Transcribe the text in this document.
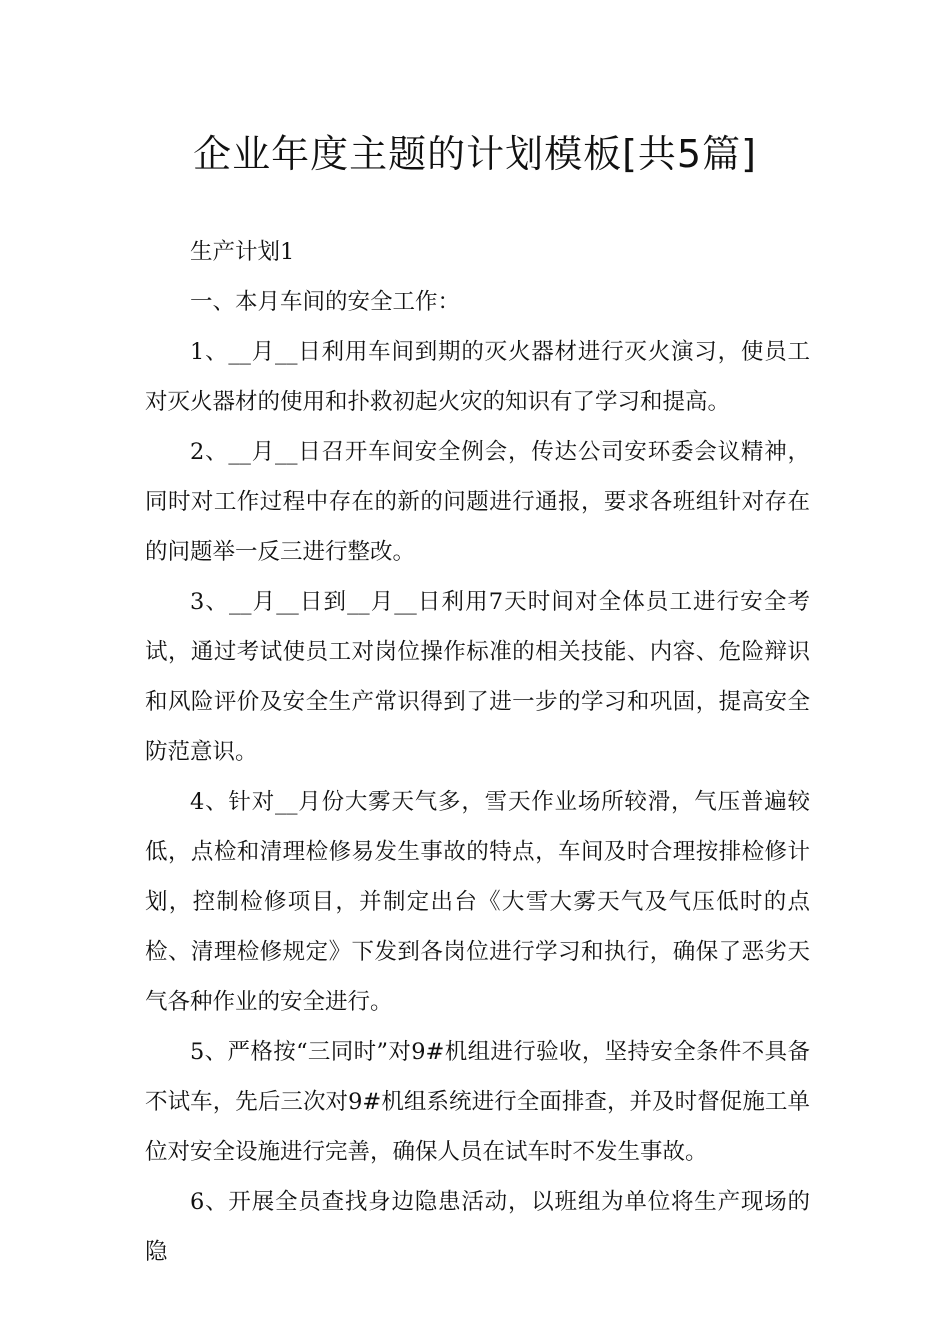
企业年度主题的计划模板[共5篇]

生产计划1

一、本月车间的安全工作：

1、__月__日利用车间到期的灭火器材进行灭火演习，使员工对灭火器材的使用和扑救初起火灾的知识有了学习和提高。

2、__月__日召开车间安全例会，传达公司安环委会议精神，同时对工作过程中存在的新的问题进行通报，要求各班组针对存在的问题举一反三进行整改。

3、__月__日到__月__日利用7天时间对全体员工进行安全考试，通过考试使员工对岗位操作标准的相关技能、内容、危险辩识和风险评价及安全生产常识得到了进一步的学习和巩固，提高安全防范意识。

4、针对__月份大雾天气多，雪天作业场所较滑，气压普遍较低，点检和清理检修易发生事故的特点，车间及时合理按排检修计划，控制检修项目，并制定出台《大雪大雾天气及气压低时的点检、清理检修规定》下发到各岗位进行学习和执行，确保了恶劣天气各种作业的安全进行。

5、严格按“三同时”对9#机组进行验收，坚持安全条件不具备不试车，先后三次对9#机组系统进行全面排查，并及时督促施工单位对安全设施进行完善，确保人员在试车时不发生事故。

6、开展全员查找身边隐患活动，以班组为单位将生产现场的隐
